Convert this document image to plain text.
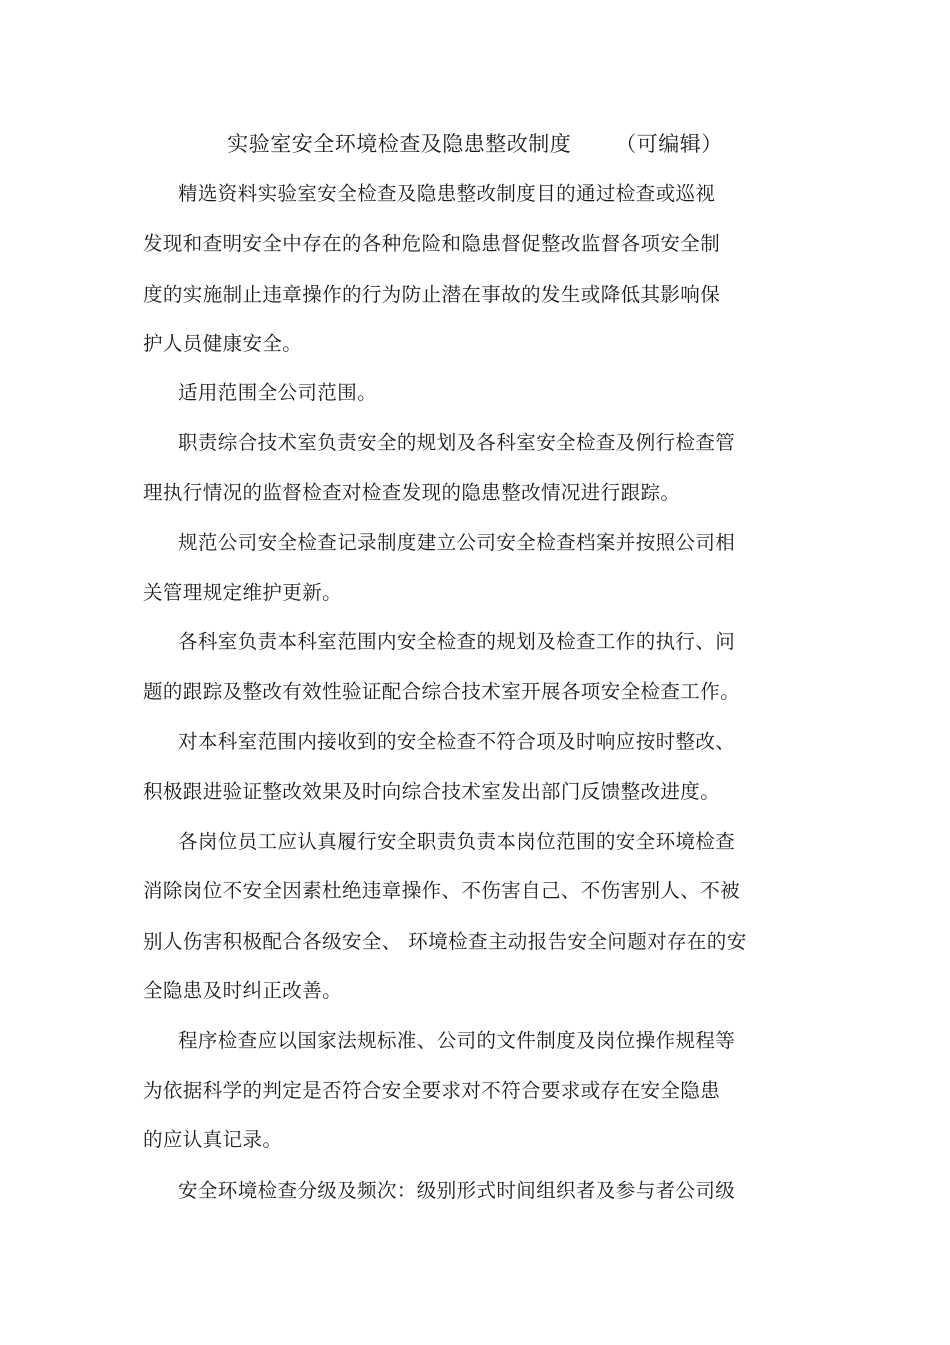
实验室安全环境检查及隐患整改制度 （可编辑）
精选资料实验室安全检查及隐患整改制度目的通过检查或巡视
发现和查明安全中存在的各种危险和隐患督促整改监督各项安全制
度的实施制止违章操作的行为防止潜在事故的发生或降低其影响保
护人员健康安全。
适用范围全公司范围。
职责综合技术室负责安全的规划及各科室安全检查及例行检查管
理执行情况的监督检查对检查发现的隐患整改情况进行跟踪。
规范公司安全检查记录制度建立公司安全检查档案并按照公司相
关管理规定维护更新。
各科室负责本科室范围内安全检查的规划及检查工作的执行、问
题的跟踪及整改有效性验证配合综合技术室开展各项安全检查工作。
对本科室范围内接收到的安全检查不符合项及时响应按时整改、
积极跟进验证整改效果及时向综合技术室发出部门反馈整改进度。
各岗位员工应认真履行安全职责负责本岗位范围的安全环境检查
消除岗位不安全因素杜绝违章操作、不伤害自己、不伤害别人、不被
别人伤害积极配合各级安全、 环境检查主动报告安全问题对存在的安
全隐患及时纠正改善。
程序检查应以国家法规标准、公司的文件制度及岗位操作规程等
为依据科学的判定是否符合安全要求对不符合要求或存在安全隐患
的应认真记录。
安全环境检查分级及频次：级别形式时间组织者及参与者公司级
